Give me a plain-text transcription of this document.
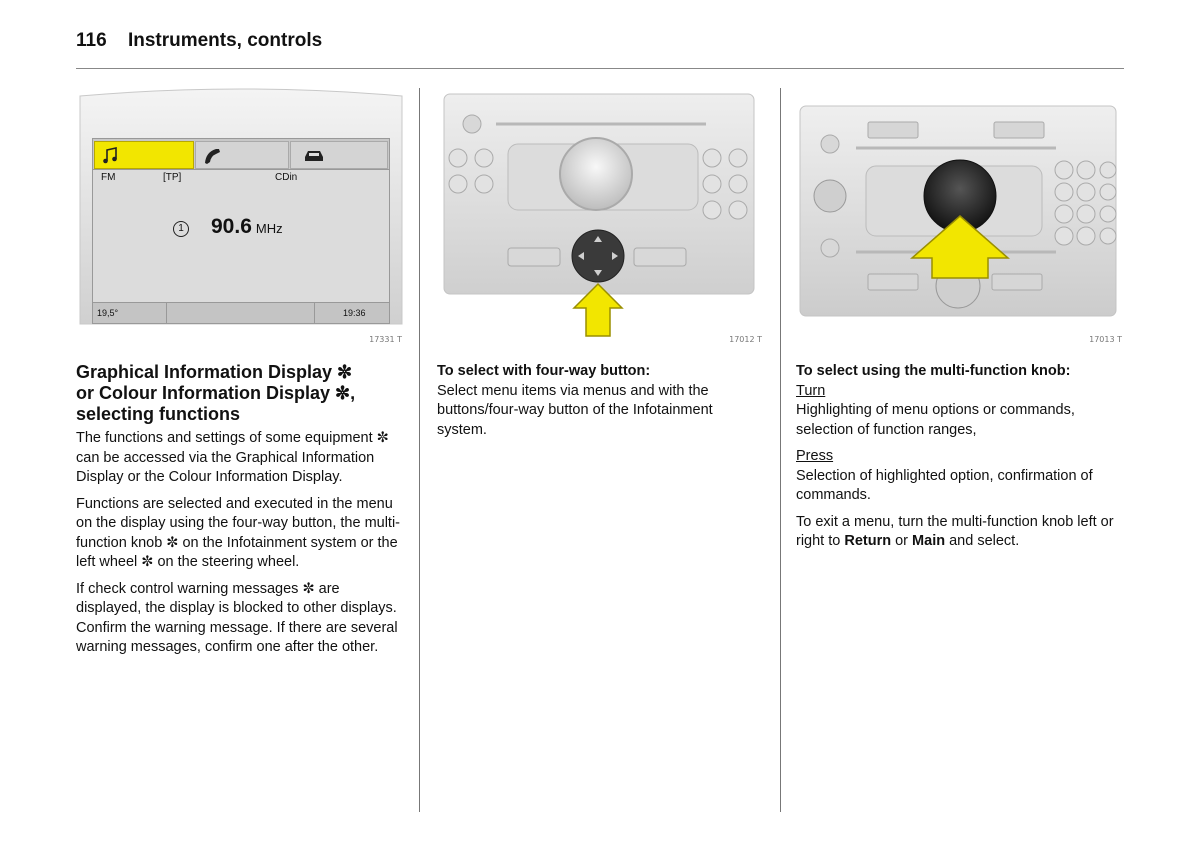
116 Instruments, controls
FM	[TP]	CDin
1 90.6 MHz
19,5°	19:36
17331 T	17012 T	17013 T
Graphical Information Display ✼
or Colour Information Display ✼,
selecting functions

The functions and settings of some equipment ✼ can be accessed via the Graphical Information Display or the Colour Information Display.

Functions are selected and executed in the menu on the display using the four-way button, the multi-function knob ✼ on the Infotainment system or the left wheel ✼ on the steering wheel.

If check control warning messages ✼ are displayed, the display is blocked to other displays. Confirm the warning message. If there are several warning messages, confirm one after the other.

To select with four-way button:

Select menu items via menus and with the buttons/four-way button of the Infotainment system.

To select using the multi-function knob:
Turn

Highlighting of menu options or commands, selection of function ranges,

Press

Selection of highlighted option, confirmation of commands.

To exit a menu, turn the multi-function knob left or right to Return or Main and select.
